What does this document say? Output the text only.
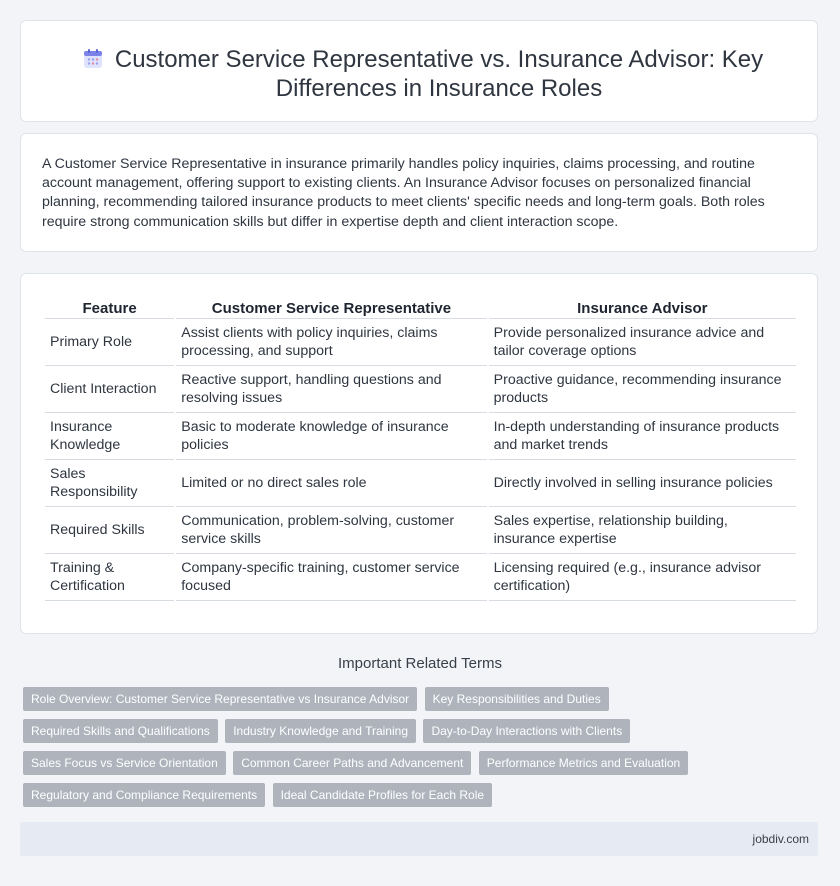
Customer Service Representative vs. Insurance Advisor: Key Differences in Insurance Roles

A Customer Service Representative in insurance primarily handles policy inquiries, claims processing, and routine account management, offering support to existing clients. An Insurance Advisor focuses on personalized financial planning, recommending tailored insurance products to meet clients' specific needs and long-term goals. Both roles require strong communication skills but differ in expertise depth and client interaction scope.

Feature	Customer Service Representative	Insurance Advisor
Primary Role	Assist clients with policy inquiries, claims processing, and support	Provide personalized insurance advice and tailor coverage options
Client Interaction	Reactive support, handling questions and resolving issues	Proactive guidance, recommending insurance products
Insurance Knowledge	Basic to moderate knowledge of insurance policies	In-depth understanding of insurance products and market trends
Sales Responsibility	Limited or no direct sales role	Directly involved in selling insurance policies
Required Skills	Communication, problem-solving, customer service skills	Sales expertise, relationship building, insurance expertise
Training & Certification	Company-specific training, customer service focused	Licensing required (e.g., insurance advisor certification)
Important Related Terms
Role Overview: Customer Service Representative vs Insurance Advisor Key Responsibilities and Duties Required Skills and Qualifications Industry Knowledge and Training Day-to-Day Interactions with Clients Sales Focus vs Service Orientation Common Career Paths and Advancement Performance Metrics and Evaluation Regulatory and Compliance Requirements Ideal Candidate Profiles for Each Role
jobdiv.com
